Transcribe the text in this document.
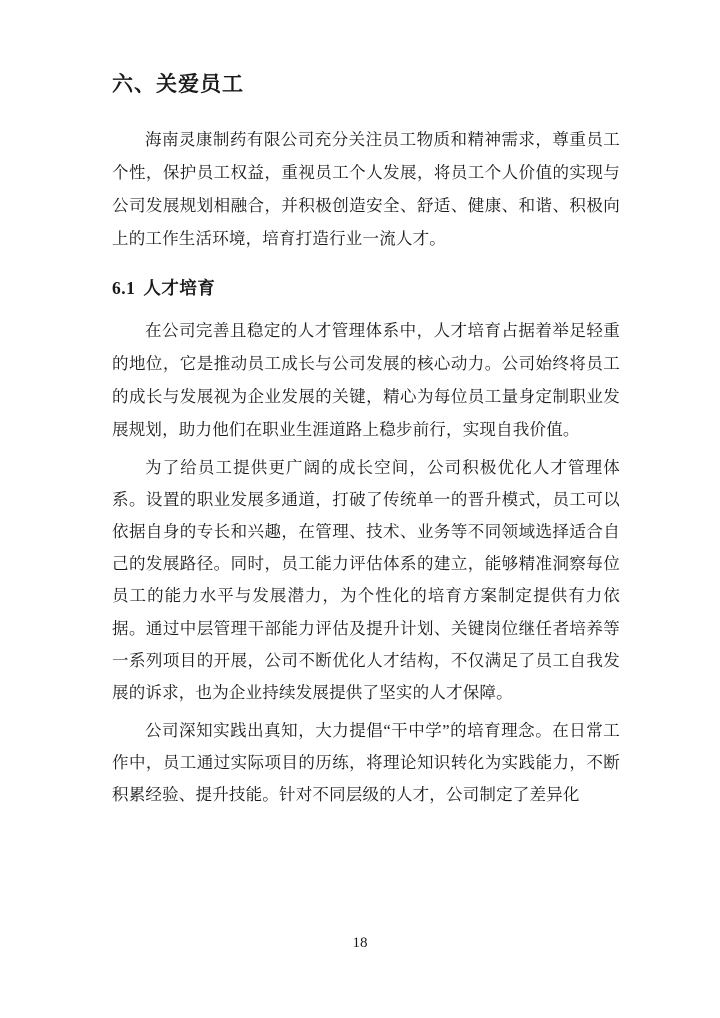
六、关爱员工

海南灵康制药有限公司充分关注员工物质和精神需求，尊重员工个性，保护员工权益，重视员工个人发展，将员工个人价值的实现与公司发展规划相融合，并积极创造安全、舒适、健康、和谐、积极向上的工作生活环境，培育打造行业一流人才。

6.1 人才培育

在公司完善且稳定的人才管理体系中，人才培育占据着举足轻重的地位，它是推动员工成长与公司发展的核心动力。公司始终将员工的成长与发展视为企业发展的关键，精心为每位员工量身定制职业发展规划，助力他们在职业生涯道路上稳步前行，实现自我价值。

为了给员工提供更广阔的成长空间，公司积极优化人才管理体系。设置的职业发展多通道，打破了传统单一的晋升模式，员工可以依据自身的专长和兴趣，在管理、技术、业务等不同领域选择适合自己的发展路径。同时，员工能力评估体系的建立，能够精准洞察每位员工的能力水平与发展潜力，为个性化的培育方案制定提供有力依据。通过中层管理干部能力评估及提升计划、关键岗位继任者培养等一系列项目的开展，公司不断优化人才结构，不仅满足了员工自我发展的诉求，也为企业持续发展提供了坚实的人才保障。

公司深知实践出真知，大力提倡“干中学”的培育理念。在日常工作中，员工通过实际项目的历练，将理论知识转化为实践能力，不断积累经验、提升技能。针对不同层级的人才，公司制定了差异化

18
